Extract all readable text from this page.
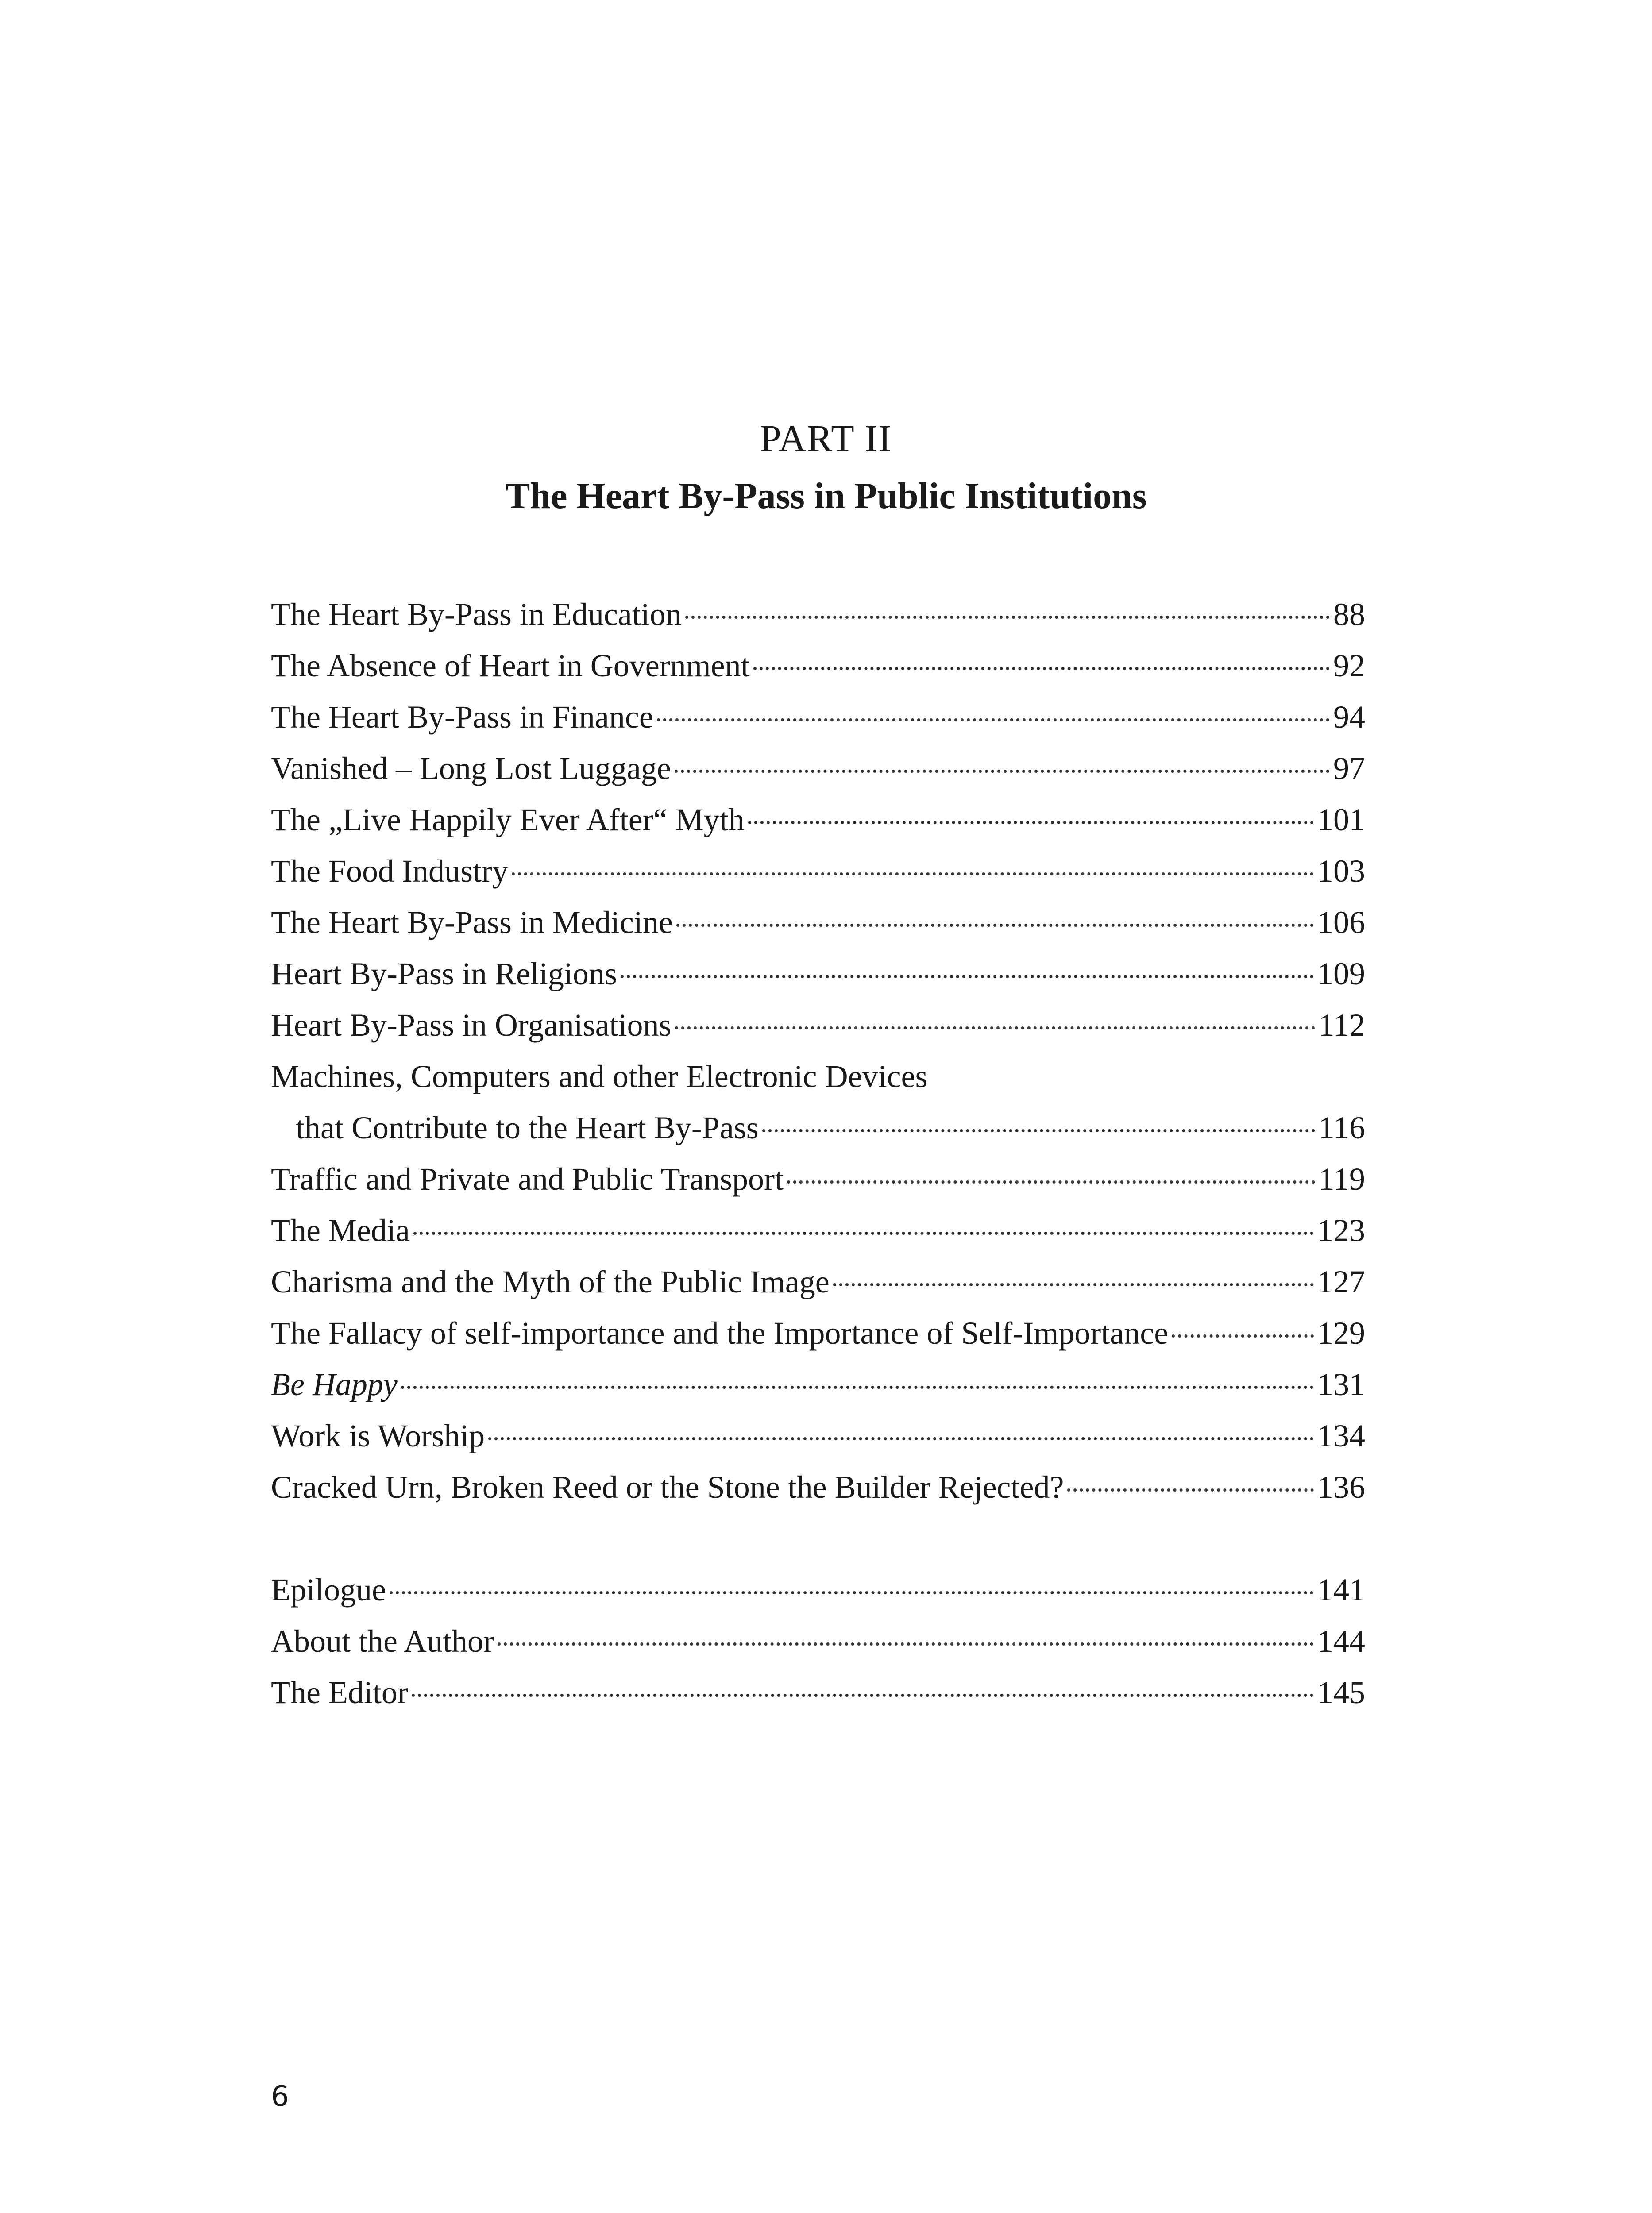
PART II
The Heart By-Pass in Public Institutions
The Heart By-Pass in Education	88
The Absence of Heart in Government	92
The Heart By-Pass in Finance	94
Vanished – Long Lost Luggage	97
The „Live Happily Ever After“ Myth	101
The Food Industry	103
The Heart By-Pass in Medicine	106
Heart By-Pass in Religions	109
Heart By-Pass in Organisations	112
Machines, Computers and other Electronic Devices
that Contribute to the Heart By-Pass	116
Traffic and Private and Public Transport	119
The Media	123
Charisma and the Myth of the Public Image	127
The Fallacy of self-importance and the Importance of Self-Importance	129
Be Happy	131
Work is Worship	134
Cracked Urn, Broken Reed or the Stone the Builder Rejected?	136
Epilogue	141
About the Author	144
The Editor	145

6
